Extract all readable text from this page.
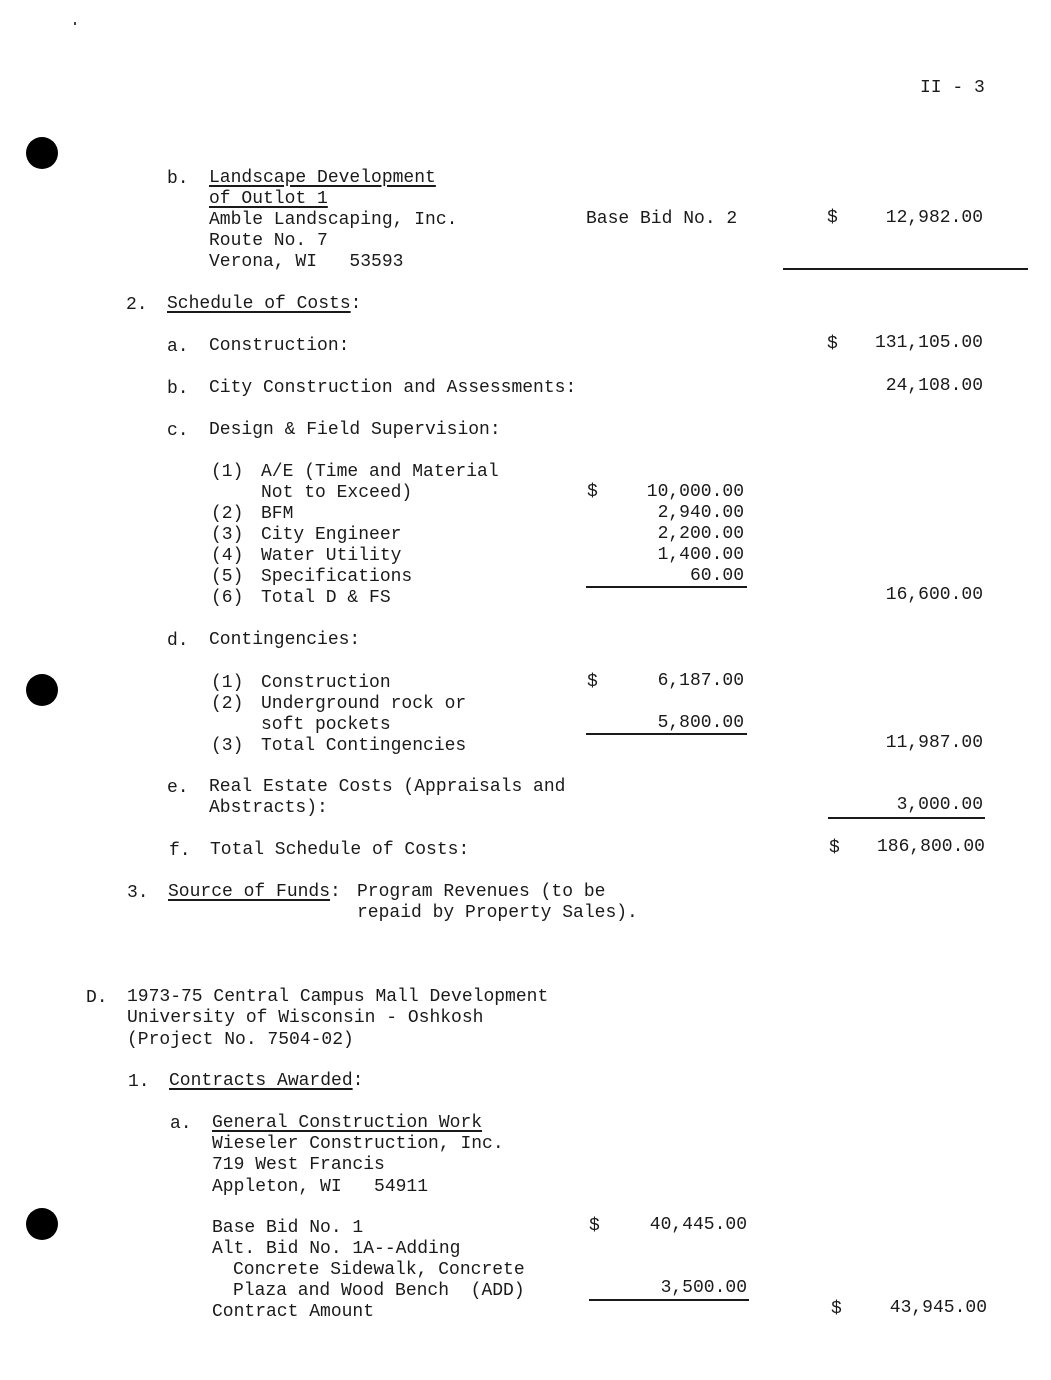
II - 3
b. Landscape Development
of Outlot 1
Amble Landscaping, Inc.
Route No. 7
Verona, WI   53593
Base Bid No. 2	$	12,982.00
2. Schedule of Costs:
a. Construction:	$ 131,105.00
b. City Construction and Assessments:	24,108.00
c. Design & Field Supervision:
(1) A/E (Time and Material
Not to Exceed)	$	10,000.00
(2) BFM	2,940.00
(3) City Engineer	2,200.00
(4) Water Utility	1,400.00
(5) Specifications	60.00
(6) Total D & FS	16,600.00
d. Contingencies:
(1) Construction	$	6,187.00
(2) Underground rock or
soft pockets	5,800.00
(3) Total Contingencies	11,987.00
e. Real Estate Costs (Appraisals and
Abstracts):	3,000.00
f. Total Schedule of Costs:	$ 186,800.00
3. Source of Funds: Program Revenues (to be
repaid by Property Sales).
D. 1973-75 Central Campus Mall Development
University of Wisconsin - Oshkosh
(Project No. 7504-02)
1. Contracts Awarded:
a. General Construction Work
Wieseler Construction, Inc.
719 West Francis
Appleton, WI   54911
Base Bid No. 1	$	40,445.00
Alt. Bid No. 1A--Adding
Concrete Sidewalk, Concrete
Plaza and Wood Bench  (ADD)	3,500.00
Contract Amount	$	43,945.00
